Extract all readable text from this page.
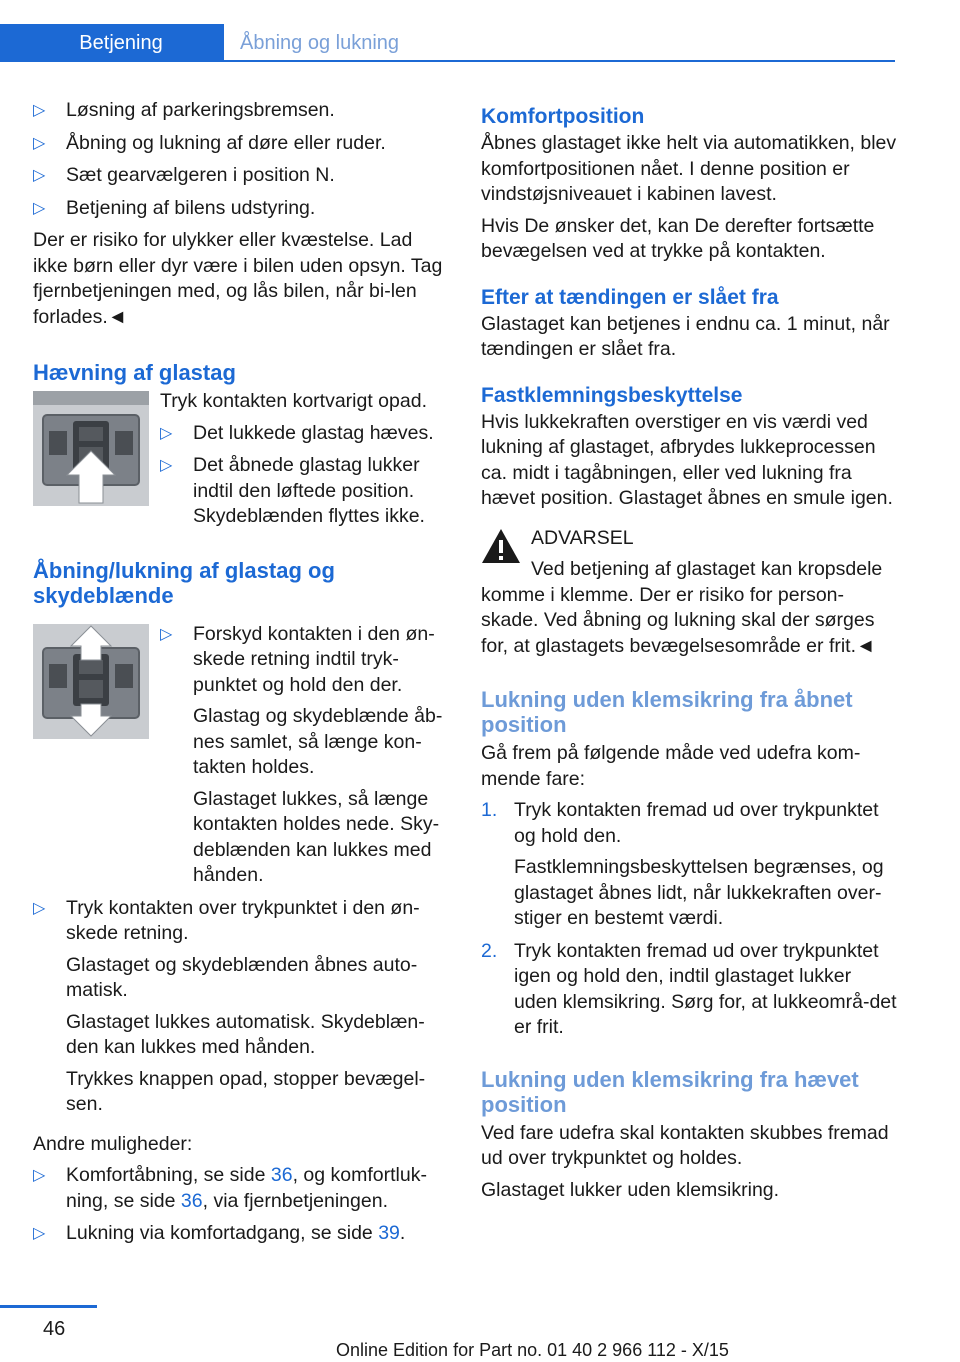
Betjening	Åbning og lukning
▷ Løsning af parkeringsbremsen.

▷ Åbning og lukning af døre eller ruder.

▷ Sæt gearvælgeren i position N.

▷ Betjening af bilens udstyring.

Der er risiko for ulykker eller kvæstelse. Lad ikke børn eller dyr være i bilen uden opsyn. Tag fjernbetjeningen med, og lås bilen, når bi‐len forlades.◄

Hævning af glastag

Tryk kontakten kortvarigt opad.

▷ Det lukkede glastag hæves.

▷ Det åbnede glastag lukker indtil den løftede position. Skydeblænden flyttes ikke.

Åbning/lukning af glastag og skydeblænde
▷ Forskyd kontakten i den øn‐skede retning indtil tryk‐punktet og hold den der.

Glastag og skydeblænde åb‐nes samlet, så længe kon‐takten holdes.

Glastaget lukkes, så længe kontakten holdes nede. Sky‐deblænden kan lukkes med hånden.

▷ Tryk kontakten over trykpunktet i den øn‐skede retning.

Glastaget og skydeblænden åbnes auto‐matisk.

Glastaget lukkes automatisk. Skydeblæn‐den kan lukkes med hånden.

Trykkes knappen opad, stopper bevægel‐sen.

Andre muligheder:

▷ Komfortåbning, se side 36, og komfortluk‐ning, se side 36, via fjernbetjeningen.

▷ Lukning via komfortadgang, se side 39.

Komfortposition

Åbnes glastaget ikke helt via automatikken, blev komfortpositionen nået. I denne position er vindstøjsniveauet i kabinen lavest.

Hvis De ønsker det, kan De derefter fortsætte bevægelsen ved at trykke på kontakten.

Efter at tændingen er slået fra

Glastaget kan betjenes i endnu ca. 1 minut, når tændingen er slået fra.

Fastklemningsbeskyttelse

Hvis lukkekraften overstiger en vis værdi ved lukning af glastaget, afbrydes lukkeprocessen ca. midt i tagåbningen, eller ved lukning fra hævet position. Glastaget åbnes en smule igen.

ADVARSEL

Ved betjening af glastaget kan kropsdele komme i klemme. Der er risiko for person‐skade. Ved åbning og lukning skal der sørges for, at glastagets bevægelsesområde er frit.◄

Lukning uden klemsikring fra åbnet position

Gå frem på følgende måde ved udefra kom‐mende fare:

1. Tryk kontakten fremad ud over trykpunktet og hold den.

Fastklemningsbeskyttelsen begrænses, og glastaget åbnes lidt, når lukkekraften over‐stiger en bestemt værdi.

2. Tryk kontakten fremad ud over trykpunktet igen og hold den, indtil glastaget lukker uden klemsikring. Sørg for, at lukkeområ‐det er frit.

Lukning uden klemsikring fra hævet position

Ved fare udefra skal kontakten skubbes fremad ud over trykpunktet og holdes.

Glastaget lukker uden klemsikring.

46
Online Edition for Part no. 01 40 2 966 112 - X/15
